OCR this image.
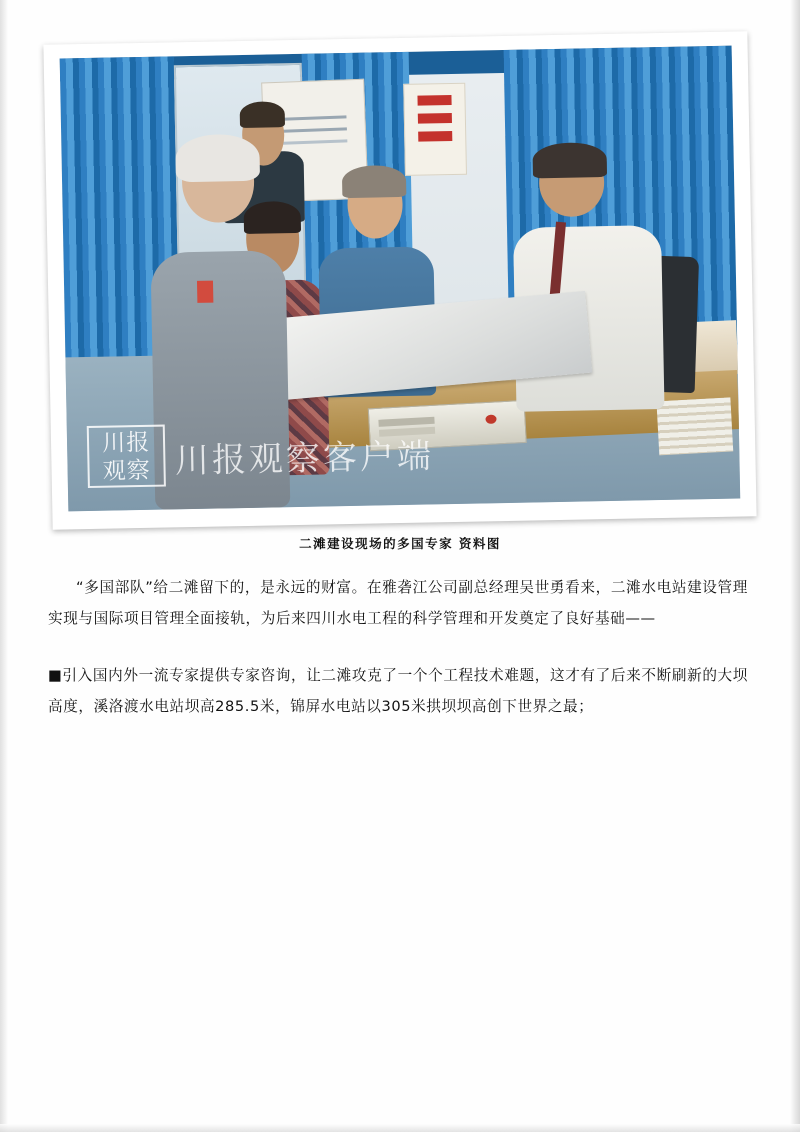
川报
观察 川报观察客户端
二滩建设现场的多国专家 资料图

“多国部队”给二滩留下的，是永远的财富。在雅砻江公司副总经理吴世勇看来，二滩水电站建设管理实现与国际项目管理全面接轨，为后来四川水电工程的科学管理和开发奠定了良好基础——

■引入国内外一流专家提供专家咨询，让二滩攻克了一个个工程技术难题，这才有了后来不断刷新的大坝高度，溪洛渡水电站坝高285.5米，锦屏水电站以305米拱坝坝高创下世界之最；
